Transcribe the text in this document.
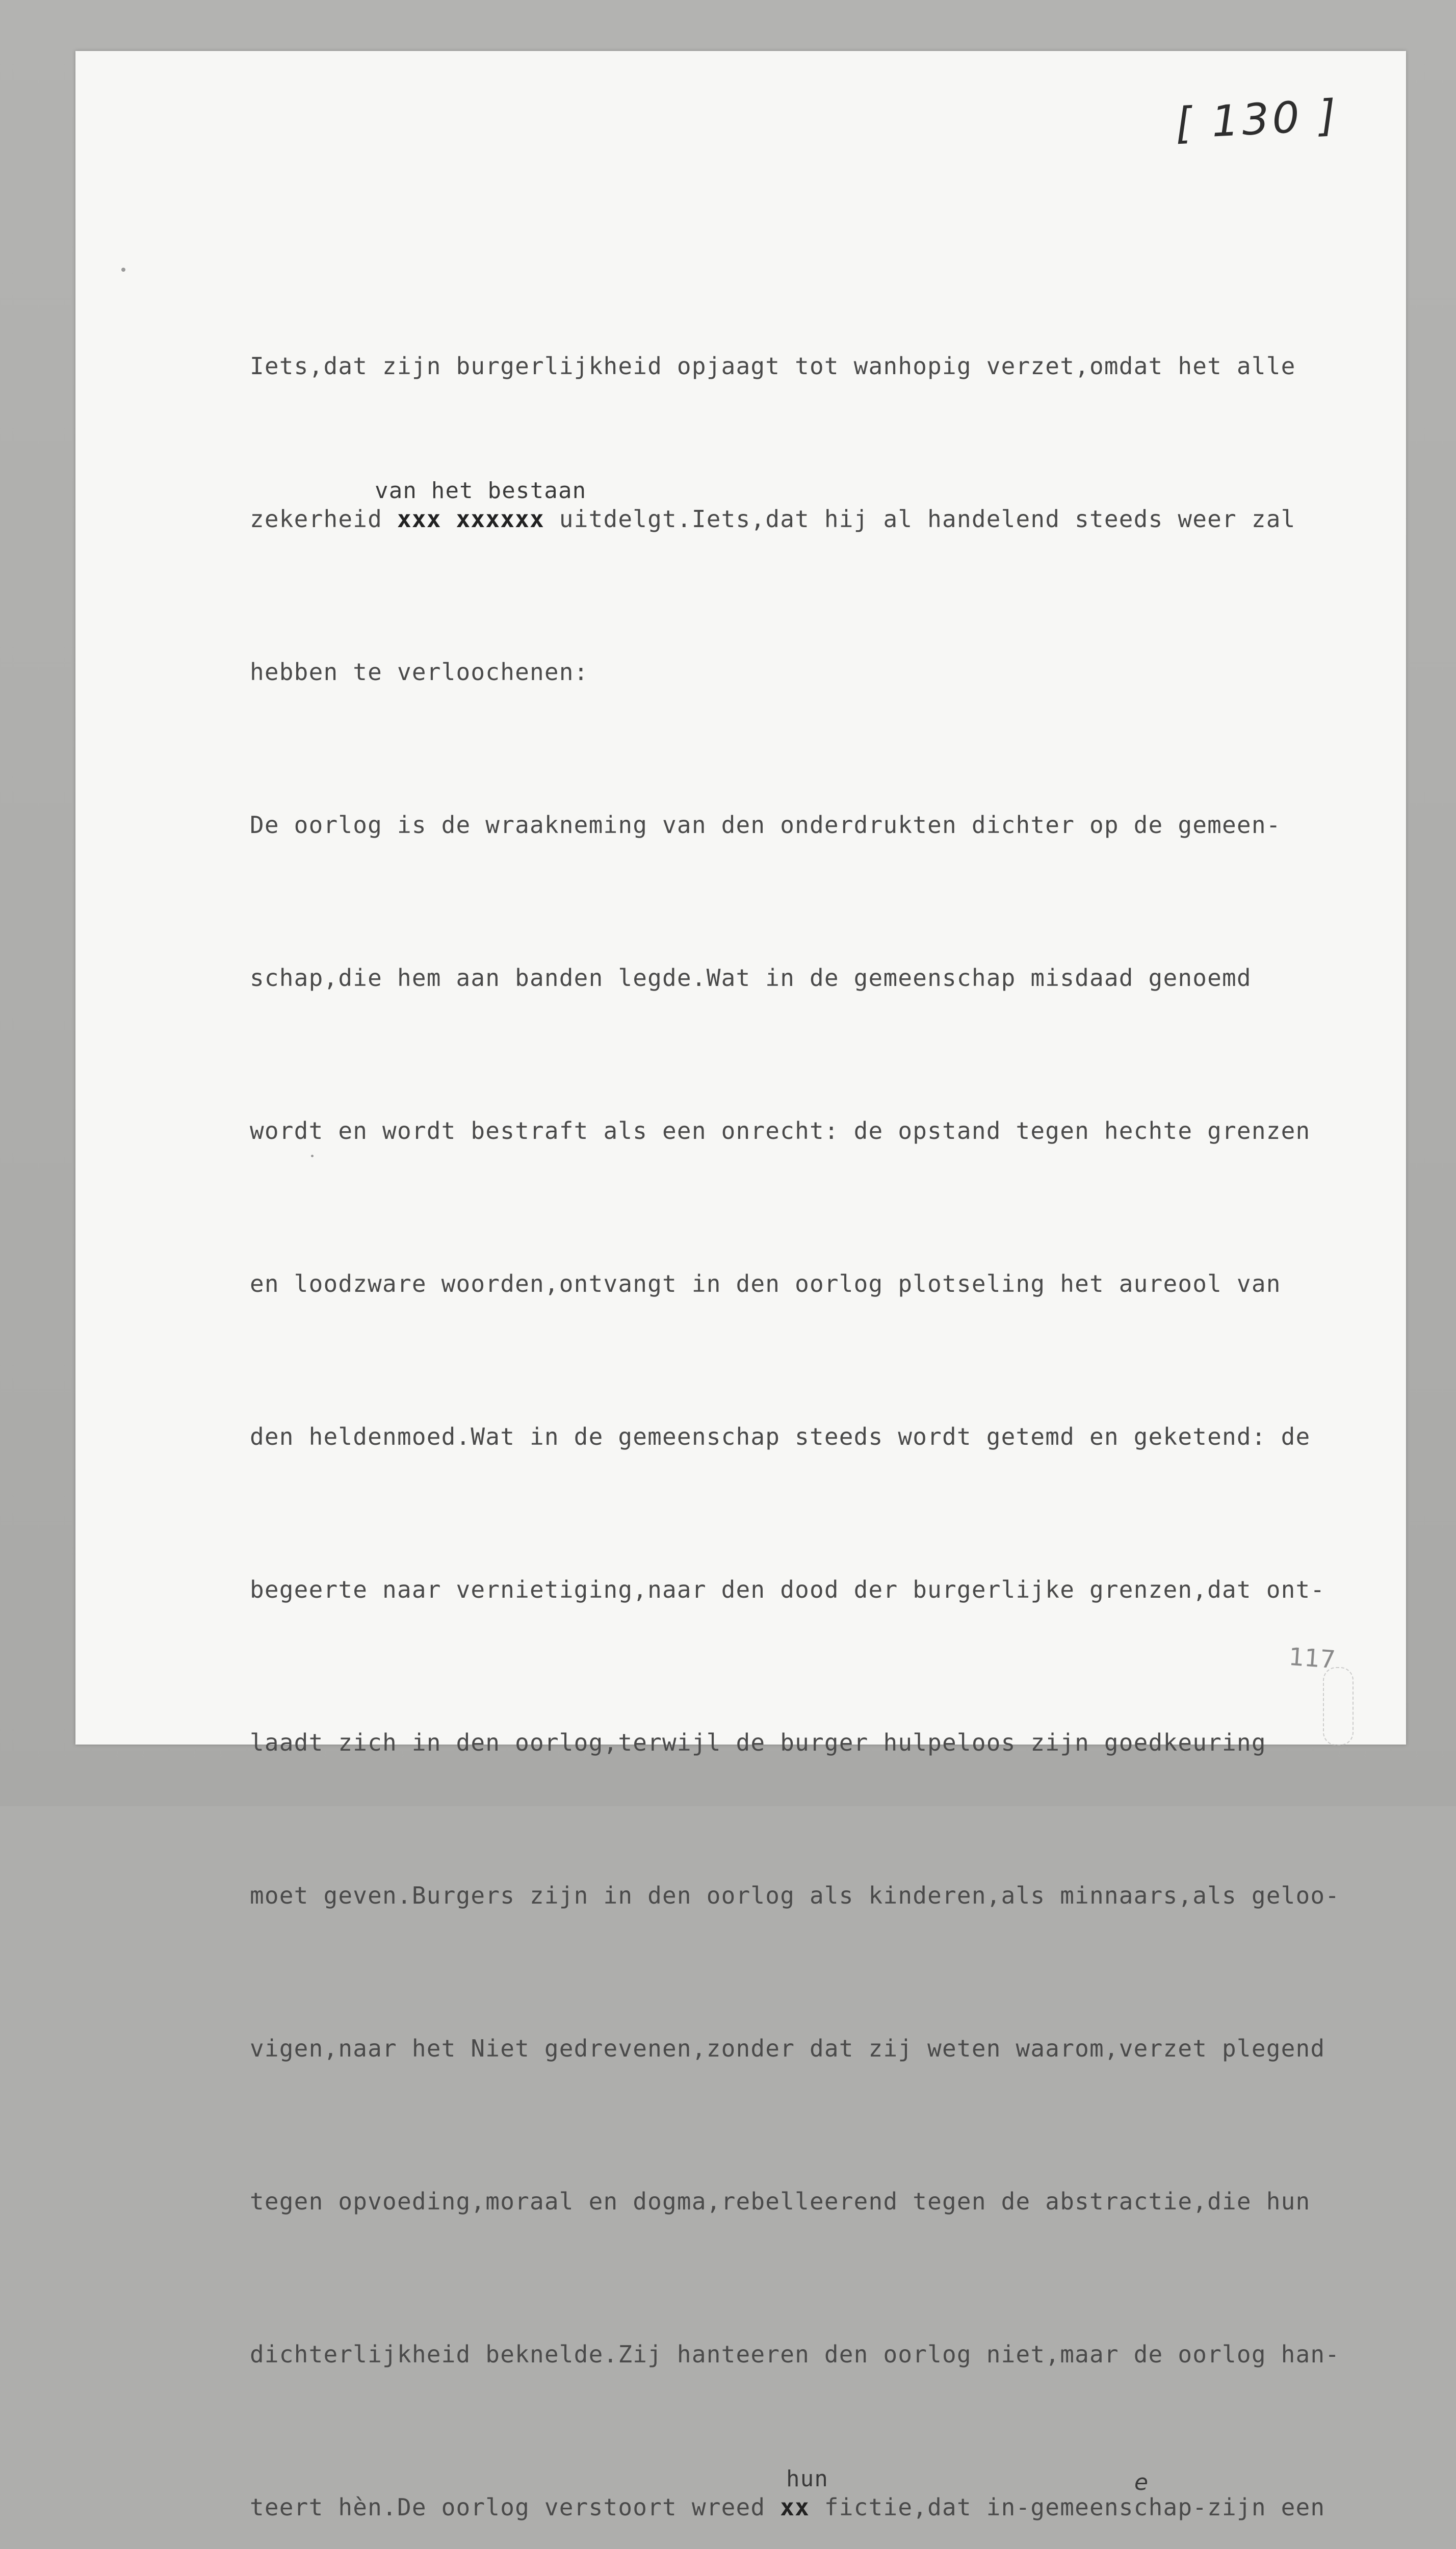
[ 130 ]

Iets,dat zijn burgerlijkheid opjaagt tot wanhopig verzet,omdat het alle

van het bestaan
zekerheid xxx xxxxxx uitdelgt.Iets,dat hij al handelend steeds weer zal

hebben te verloochenen:

De oorlog is de wraakneming van den onderdrukten dichter op de gemeen-

schap,die hem aan banden legde.Wat in de gemeenschap misdaad genoemd

wordt en wordt bestraft als een onrecht: de opstand tegen hechte grenzen

en loodzware woorden,ontvangt in den oorlog plotseling het aureool van

den heldenmoed.Wat in de gemeenschap steeds wordt getemd en geketend: de

begeerte naar vernietiging,naar den dood der burgerlijke grenzen,dat ont-

laadt zich in den oorlog,terwijl de burger hulpeloos zijn goedkeuring

moet geven.Burgers zijn in den oorlog als kinderen,als minnaars,als geloo-

vigen,naar het Niet gedrevenen,zonder dat zij weten waarom,verzet plegend

tegen opvoeding,moraal en dogma,rebelleerend tegen de abstractie,die hun

dichterlijkheid beknelde.Zij hanteeren den oorlog niet,maar de oorlog han-

hun	e
teert hèn.De oorlog verstoort wreed xx fictie,dat in-gemeenschap-zijn een

117
